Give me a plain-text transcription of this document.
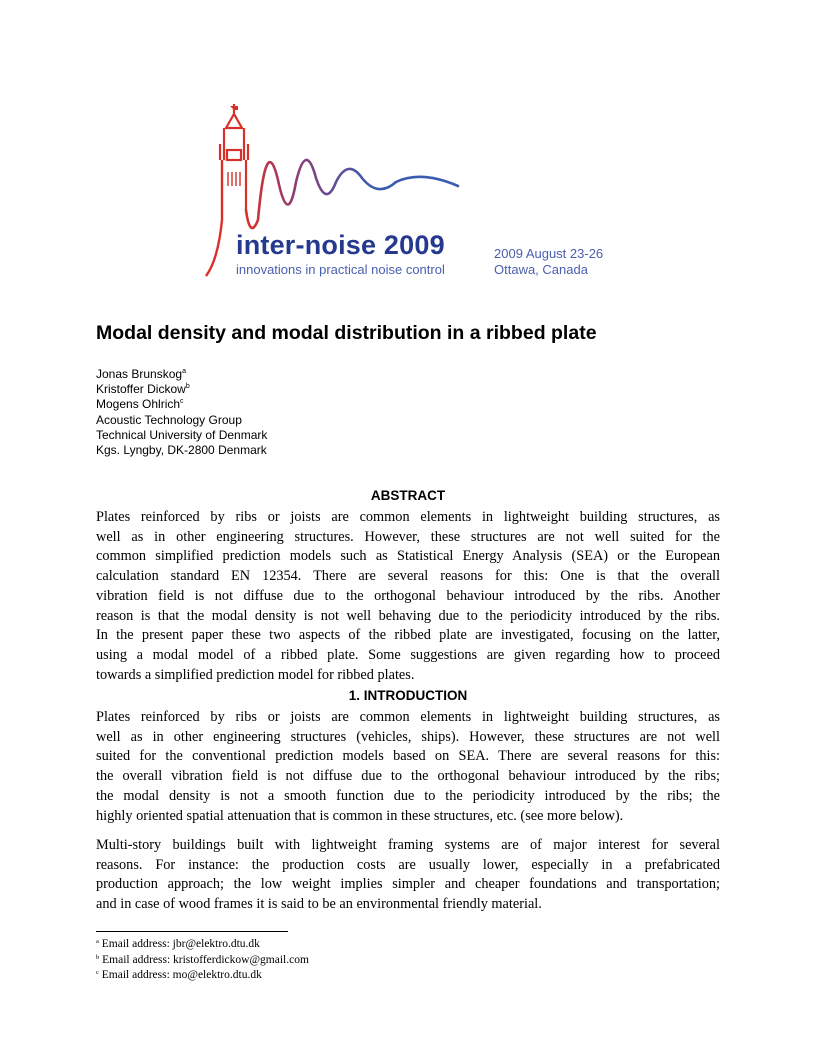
inter-noise 2009
innovations in practical noise control
2009 August 23-26
Ottawa, Canada
Modal density and modal distribution in a ribbed plate
Jonas Brunskog$^a$
Kristoffer Dickow$^b$
Mogens Ohlrich$^c$
Acoustic Technology Group
Technical University of Denmark
Kgs. Lyngby, DK-2800 Denmark
ABSTRACT
Plates reinforced by ribs or joists are common elements in lightweight building structures, as
well as in other engineering structures. However, these structures are not well suited for the
common simplified prediction models such as Statistical Energy Analysis (SEA) or the European
calculation standard EN 12354. There are several reasons for this: One is that the overall
vibration field is not diffuse due to the orthogonal behaviour introduced by the ribs. Another
reason is that the modal density is not well behaving due to the periodicity introduced by the ribs.
In the present paper these two aspects of the ribbed plate are investigated, focusing on the latter,
using a modal model of a ribbed plate. Some suggestions are given regarding how to proceed
towards a simplified prediction model for ribbed plates.
1. INTRODUCTION
Plates reinforced by ribs or joists are common elements in lightweight building structures, as
well as in other engineering structures (vehicles, ships). However, these structures are not well
suited for the conventional prediction models based on SEA. There are several reasons for this:
the overall vibration field is not diffuse due to the orthogonal behaviour introduced by the ribs;
the modal density is not a smooth function due to the periodicity introduced by the ribs; the
highly oriented spatial attenuation that is common in these structures, etc. (see more below).
Multi-story buildings built with lightweight framing systems are of major interest for several
reasons. For instance: the production costs are usually lower, especially in a prefabricated
production approach; the low weight implies simpler and cheaper foundations and transportation;
and in case of wood frames it is said to be an environmental friendly material.
$^a$ Email address: jbr@elektro.dtu.dk
$^b$ Email address: kristofferdickow@gmail.com
$^c$ Email address: mo@elektro.dtu.dk
